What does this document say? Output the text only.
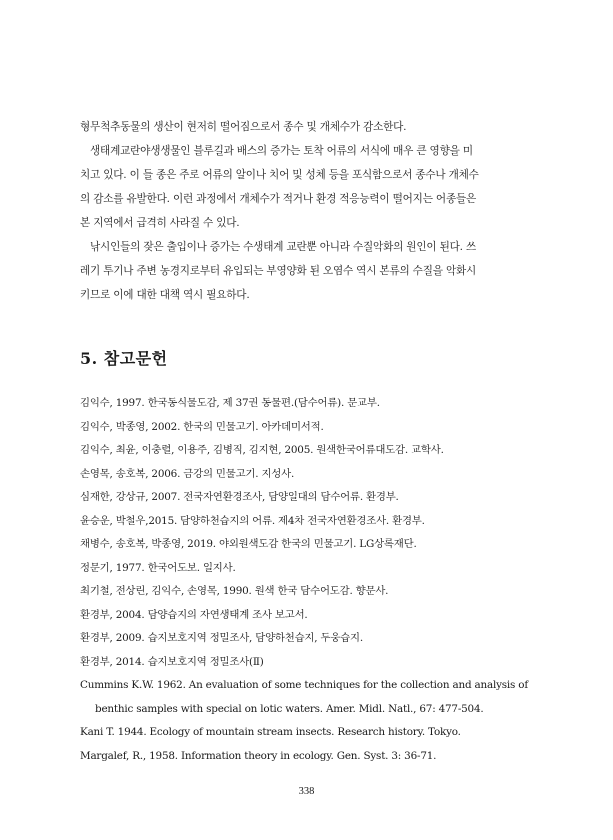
형무척추동물의 생산이 현저히 떨어짐으로서 종수 및 개체수가 감소한다.
생태계교란야생생물인 블루길과 배스의 증가는 토착 어류의 서식에 매우 큰 영향을 미
치고 있다. 이 들 종은 주로 어류의 알이나 치어 및 성체 등을 포식함으로서 종수나 개체수
의 감소를 유발한다. 이런 과정에서 개체수가 적거나 환경 적응능력이 떨어지는 어종들은
본 지역에서 급격히 사라질 수 있다.
낚시인들의 잦은 출입이나 증가는 수생태계 교란뿐 아니라 수질악화의 원인이 된다. 쓰
레기 투기나 주변 농경지로부터 유입되는 부영양화 된 오염수 역시 본류의 수질을 악화시
키므로 이에 대한 대책 역시 필요하다.
5. 참고문헌
김익수, 1997. 한국동식물도감, 제 37권 동물편.(담수어류). 문교부.
김익수, 박종영, 2002. 한국의 민물고기. 아카데미서적.
김익수, 최윤, 이충렬, 이용주, 김병직, 김지현, 2005. 원색한국어류대도감. 교학사.
손영목, 송호복, 2006. 금강의 민물고기. 지성사.
심재한, 강상규, 2007. 전국자연환경조사, 담양일대의 담수어류. 환경부.
윤승운, 박철우,2015. 담양하천습지의 어류. 제4차 전국자연환경조사. 환경부.
채병수, 송호복, 박종영, 2019. 야외원색도감 한국의 민물고기. LG상록재단.
정문기, 1977. 한국어도보. 일지사.
최기철, 전상린, 김익수, 손영목, 1990. 원색 한국 담수어도감. 향문사.
환경부, 2004. 담양습지의 자연생태계 조사 보고서.
환경부, 2009. 습지보호지역 정밀조사, 담양하천습지, 두웅습지.
환경부, 2014. 습지보호지역 정밀조사(Ⅱ)
Cummins K.W. 1962. An evaluation of some techniques for the collection and analysis of
benthic samples with special on lotic waters. Amer. Midl. Natl., 67: 477-504.
Kani T. 1944. Ecology of mountain stream insects. Research history. Tokyo.
Margalef, R., 1958. Information theory in ecology. Gen. Syst. 3: 36-71.
338
